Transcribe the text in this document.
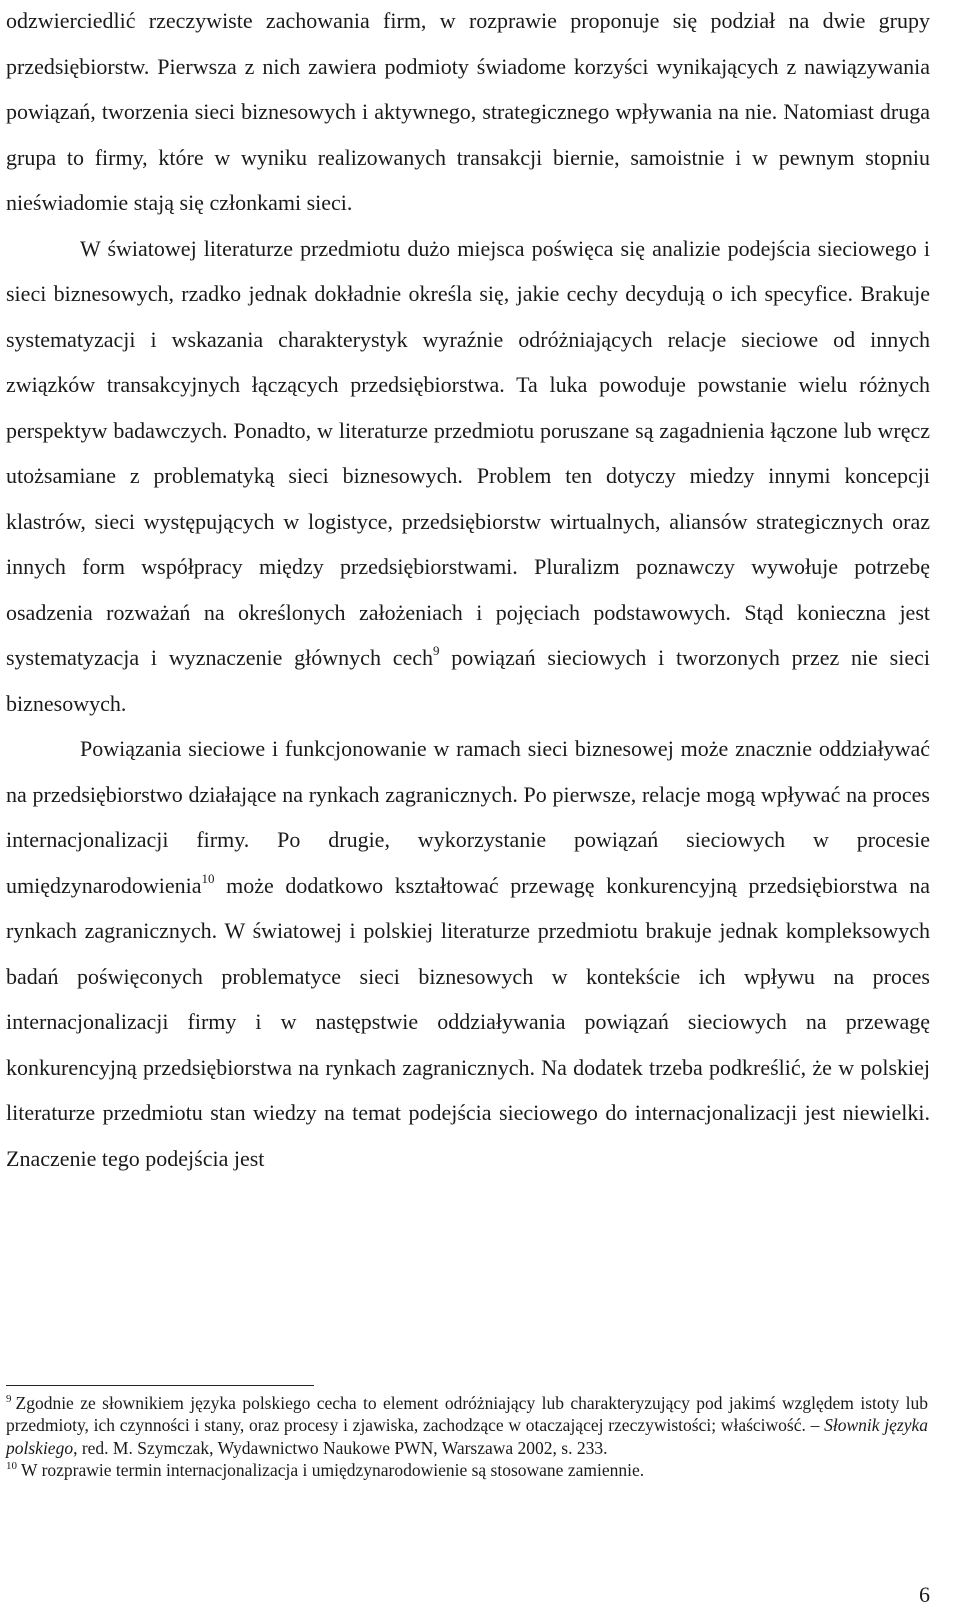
odzwierciedlić rzeczywiste zachowania firm, w rozprawie proponuje się podział na dwie grupy przedsiębiorstw. Pierwsza z nich zawiera podmioty świadome korzyści wynikających z nawiązywania powiązań, tworzenia sieci biznesowych i aktywnego, strategicznego wpływania na nie. Natomiast druga grupa to firmy, które w wyniku realizowanych transakcji biernie, samoistnie i w pewnym stopniu nieświadomie stają się członkami sieci.

W światowej literaturze przedmiotu dużo miejsca poświęca się analizie podejścia sieciowego i sieci biznesowych, rzadko jednak dokładnie określa się, jakie cechy decydują o ich specyfice. Brakuje systematyzacji i wskazania charakterystyk wyraźnie odróżniających relacje sieciowe od innych związków transakcyjnych łączących przedsiębiorstwa. Ta luka powoduje powstanie wielu różnych perspektyw badawczych. Ponadto, w literaturze przedmiotu poruszane są zagadnienia łączone lub wręcz utożsamiane z problematyką sieci biznesowych. Problem ten dotyczy miedzy innymi koncepcji klastrów, sieci występujących w logistyce, przedsiębiorstw wirtualnych, aliansów strategicznych oraz innych form współpracy między przedsiębiorstwami. Pluralizm poznawczy wywołuje potrzebę osadzenia rozważań na określonych założeniach i pojęciach podstawowych. Stąd konieczna jest systematyzacja i wyznaczenie głównych cech$^9$ powiązań sieciowych i tworzonych przez nie sieci biznesowych.

Powiązania sieciowe i funkcjonowanie w ramach sieci biznesowej może znacznie oddziaływać na przedsiębiorstwo działające na rynkach zagranicznych. Po pierwsze, relacje mogą wpływać na proces internacjonalizacji firmy. Po drugie, wykorzystanie powiązań sieciowych w procesie umiędzynarodowienia$^{10}$ może dodatkowo kształtować przewagę konkurencyjną przedsiębiorstwa na rynkach zagranicznych. W światowej i polskiej literaturze przedmiotu brakuje jednak kompleksowych badań poświęconych problematyce sieci biznesowych w kontekście ich wpływu na proces internacjonalizacji firmy i w następstwie oddziaływania powiązań sieciowych na przewagę konkurencyjną przedsiębiorstwa na rynkach zagranicznych. Na dodatek trzeba podkreślić, że w polskiej literaturze przedmiotu stan wiedzy na temat podejścia sieciowego do internacjonalizacji jest niewielki. Znaczenie tego podejścia jest

$^9$ Zgodnie ze słownikiem języka polskiego cecha to element odróżniający lub charakteryzujący pod jakimś względem istoty lub przedmioty, ich czynności i stany, oraz procesy i zjawiska, zachodzące w otaczającej rzeczywistości; właściwość. – Słownik języka polskiego, red. M. Szymczak, Wydawnictwo Naukowe PWN, Warszawa 2002, s. 233.

$^{10}$ W rozprawie termin internacjonalizacja i umiędzynarodowienie są stosowane zamiennie.

6
